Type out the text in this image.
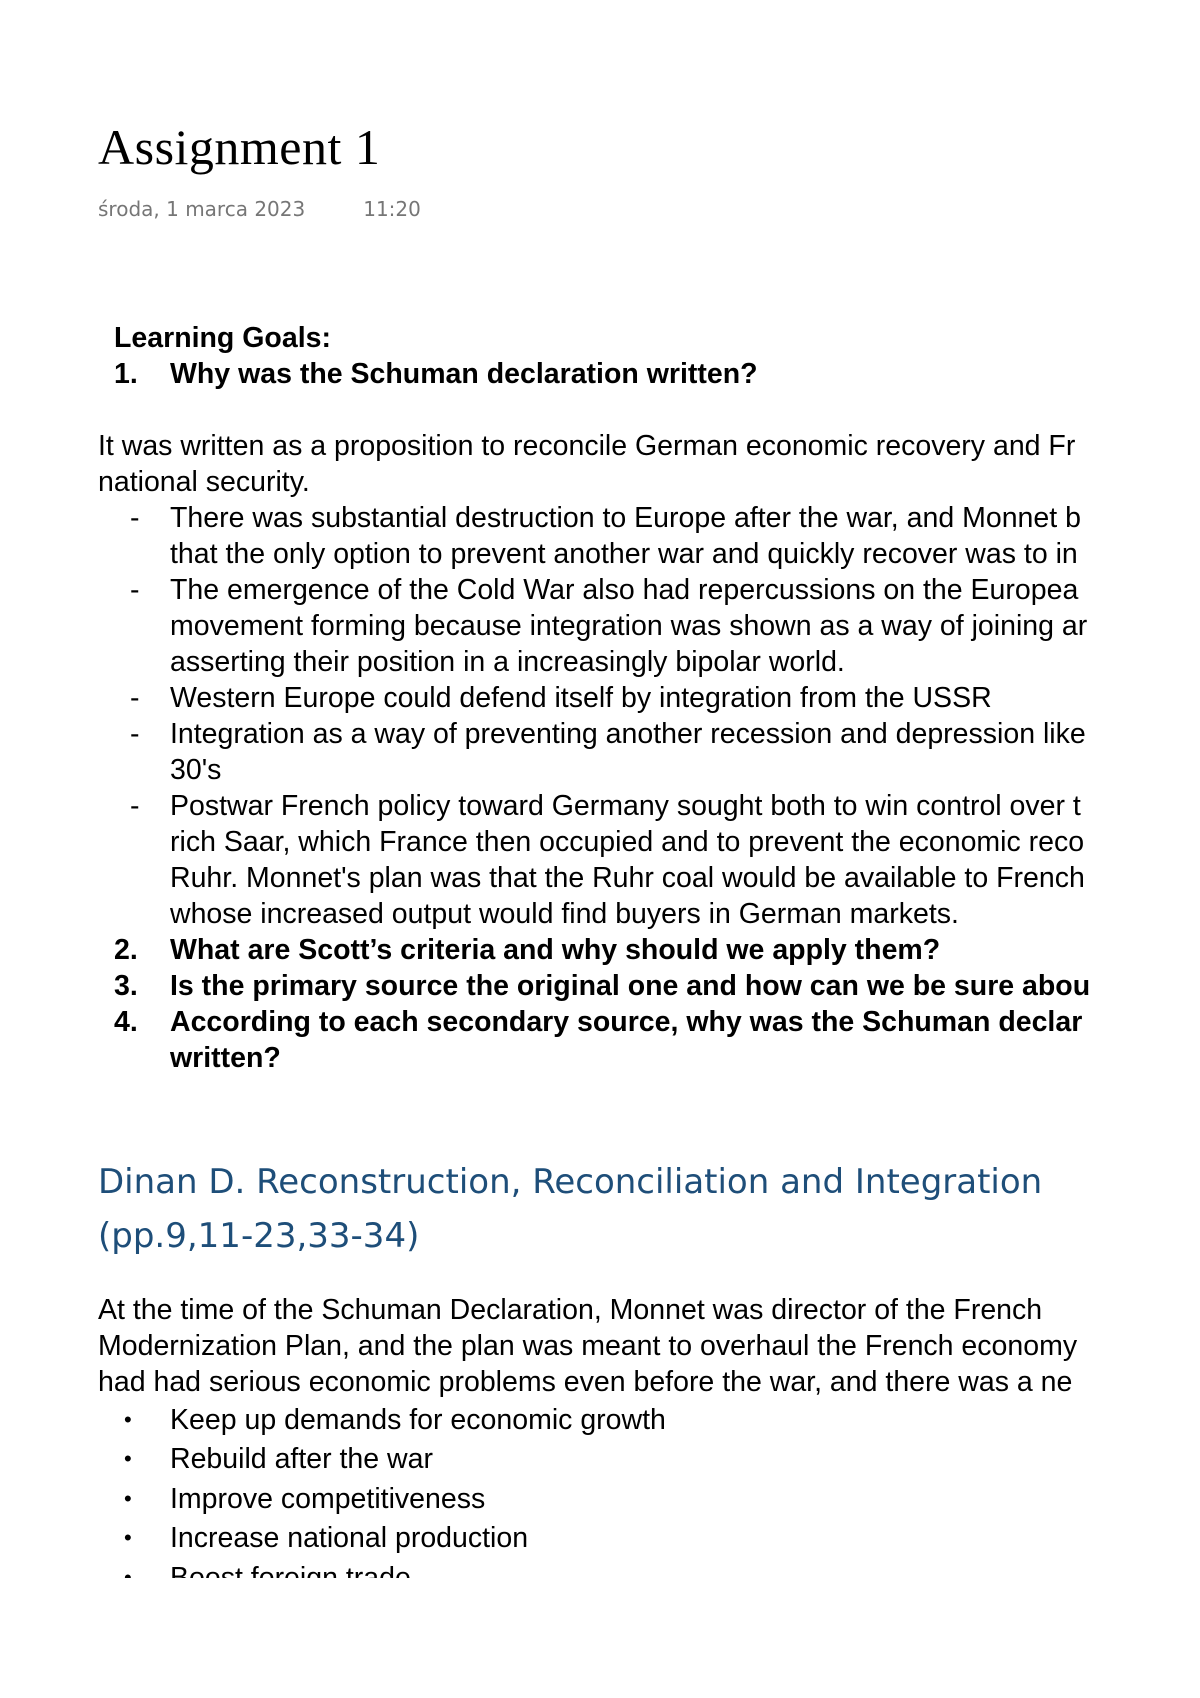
Assignment 1
środa, 1 marca 2023	11:20
Learning Goals:
1.	Why was the Schuman declaration written?
It was written as a proposition to reconcile German economic recovery and Fr
national security.
-	There was substantial destruction to Europe after the war, and Monnet b
that the only option to prevent another war and quickly recover was to in
-	The emergence of the Cold War also had repercussions on the Europea
movement forming because integration was shown as a way of joining ar
asserting their position in a increasingly bipolar world.
-	Western Europe could defend itself by integration from the USSR
-	Integration as a way of preventing another recession and depression like
30's
-	Postwar French policy toward Germany sought both to win control over t
rich Saar, which France then occupied and to prevent the economic reco
Ruhr. Monnet's plan was that the Ruhr coal would be available to French
whose increased output would find buyers in German markets.
2.	What are Scott’s criteria and why should we apply them?
3.	Is the primary source the original one and how can we be sure abou
4.	According to each secondary source, why was the Schuman declar
written?
Dinan D. Reconstruction, Reconciliation and Integration
(pp.9,11-23,33-34)
At the time of the Schuman Declaration, Monnet was director of the French
Modernization Plan, and the plan was meant to overhaul the French economy
had had serious economic problems even before the war, and there was a ne
•	Keep up demands for economic growth
•	Rebuild after the war
•	Improve competitiveness
•	Increase national production
